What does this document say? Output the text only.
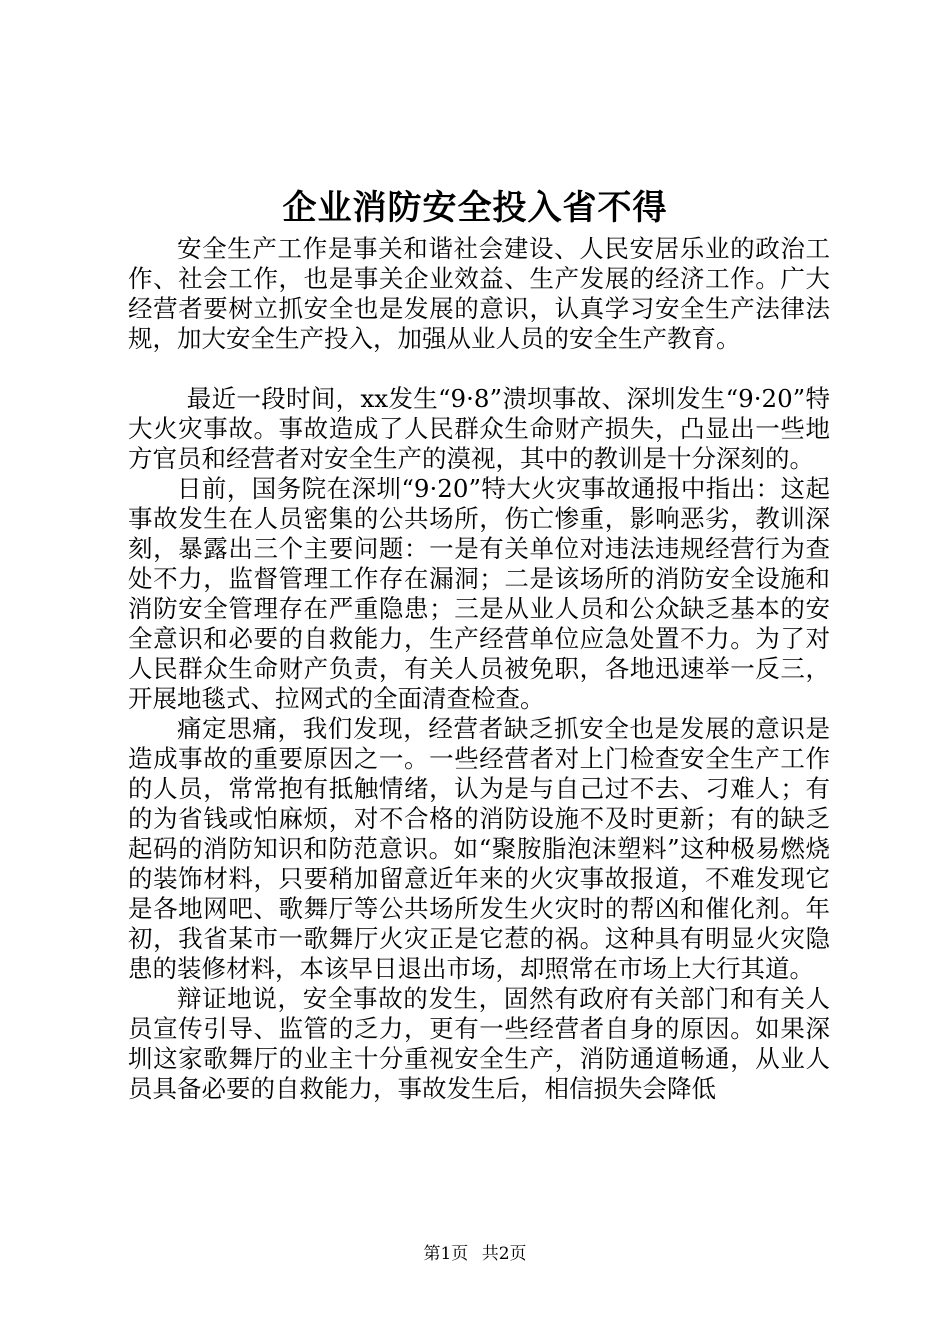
企业消防安全投入省不得

安全生产工作是事关和谐社会建设、人民安居乐业的政治工作、社会工作，也是事关企业效益、生产发展的经济工作。广大经营者要树立抓安全也是发展的意识，认真学习安全生产法律法规，加大安全生产投入，加强从业人员的安全生产教育。

最近一段时间，xx发生“9·8”溃坝事故、深圳发生“9·20”特大火灾事故。事故造成了人民群众生命财产损失，凸显出一些地方官员和经营者对安全生产的漠视，其中的教训是十分深刻的。

日前，国务院在深圳“9·20”特大火灾事故通报中指出：这起事故发生在人员密集的公共场所，伤亡惨重，影响恶劣，教训深刻，暴露出三个主要问题：一是有关单位对违法违规经营行为查处不力，监督管理工作存在漏洞；二是该场所的消防安全设施和消防安全管理存在严重隐患；三是从业人员和公众缺乏基本的安全意识和必要的自救能力，生产经营单位应急处置不力。为了对人民群众生命财产负责，有关人员被免职，各地迅速举一反三，开展地毯式、拉网式的全面清查检查。

痛定思痛，我们发现，经营者缺乏抓安全也是发展的意识是造成事故的重要原因之一。一些经营者对上门检查安全生产工作的人员，常常抱有抵触情绪，认为是与自己过不去、刁难人；有的为省钱或怕麻烦，对不合格的消防设施不及时更新；有的缺乏起码的消防知识和防范意识。如“聚胺脂泡沫塑料”这种极易燃烧的装饰材料，只要稍加留意近年来的火灾事故报道，不难发现它是各地网吧、歌舞厅等公共场所发生火灾时的帮凶和催化剂。年初，我省某市一歌舞厅火灾正是它惹的祸。这种具有明显火灾隐患的装修材料，本该早日退出市场，却照常在市场上大行其道。

辩证地说，安全事故的发生，固然有政府有关部门和有关人员宣传引导、监管的乏力，更有一些经营者自身的原因。如果深圳这家歌舞厅的业主十分重视安全生产，消防通道畅通，从业人员具备必要的自救能力，事故发生后，相信损失会降低

第1页 共2页
